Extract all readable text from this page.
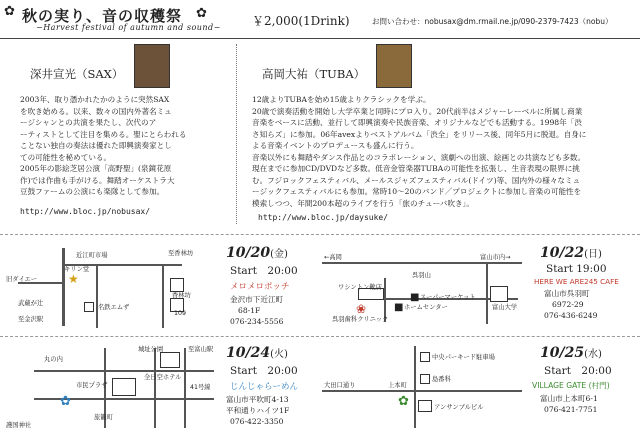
✿ 秋の実り、音の収穫祭 ✿
−Harvest festival of autumn and sound−	￥2,000(1Drink)	お問い合わせ：nobusax@dm.rmail.ne.jp/090-2379-7423（nobu）
深井宣光（SAX）
2003年、取り憑かれたかのように突然SAX
を吹き始める。以来、数々の国内外著名ミュ
ージシャンとの共演を果たし、次代のア
ーティストとして注目を集める。聖にとらわれる
ことない独自の奏法は優れた即興演奏家とし
ての可能性を秘めている。
2005年の影絵芝居公演「高野聖」(泉鏡花原
作)では作曲も手がける。舞踏オーケストラ大
豆鼓ファームの公演にも楽隊として参加。
http://www.bloc.jp/nobusax/
高岡大祐（TUBA）
12歳よりTUBAを始め15歳よりクラシックを学ぶ。
20歳で演奏活動を開始し大学卒業と同時にプロ入り。20代前半はメジャーレーベルに所属し商業
音楽をベースに活動、並行して即興演奏や民族音楽、オリジナルなどでも活動する。1998年「渋
さ知らズ」に参加。06年avexよりベストアルバム「渋全」をリリース後、同年5月に脱退。自身に
よる音楽イベントのプロデュースも盛んに行う。
音楽以外にも舞踏やダンス作品とのコラボレーション、演劇への出演、絵画との共演なども多数。
現在までに参加CD/DVDなど多数。低音金管楽器TUBAの可能性を拡張し、生音表現の限界に挑
む。フジロックフェスティバル、メールスジャズフェスティバル(ドイツ)等、国内外の様々なミュ
ージックフェスティバルにも参加。常時10〜20のバンド／プロジェクトに参加し音楽の可能性を
模索しつつ、年間200本超のライブを行う「旅のチューバ吹き」。
http://www.bloc.jp/daysuke/
★
近江町市場	至香林坊
キリン堂
旧ダイエー
武蔵が辻
名鉄エムザ
至金沢駅
香林坊
109
10/20(金)
Start　20:00
メロメロポッチ
金沢市下近江町
68-1F
076-234-5556
■
■
❀
←高岡	富山市内→
呉羽山
ワシントン靴店
スーパーマーケット
ホームセンター
呉羽歯科クリニック
富山大学
10/22(日)
Start 19:00
HERE WE ARE245 CAFE
富山市呉羽町
6972-29
076-436-6249
✿
丸の内
城址公園	至富山駅
全日空ホテル
市民プラザ	41号線
旅籠町
護国神社
10/24(火)
Start　20:00
じんじゃらーめん
富山市平吹町4-13
平和通りハイツ1F
076-422-3350
✿
中央パーキード駐車場
大田口通り	上本町
島番科
アンサンブルビル
10/25(水)
Start　20:00
VILLAGE GATE (村門)
富山市上本町6-1
076-421-7751
